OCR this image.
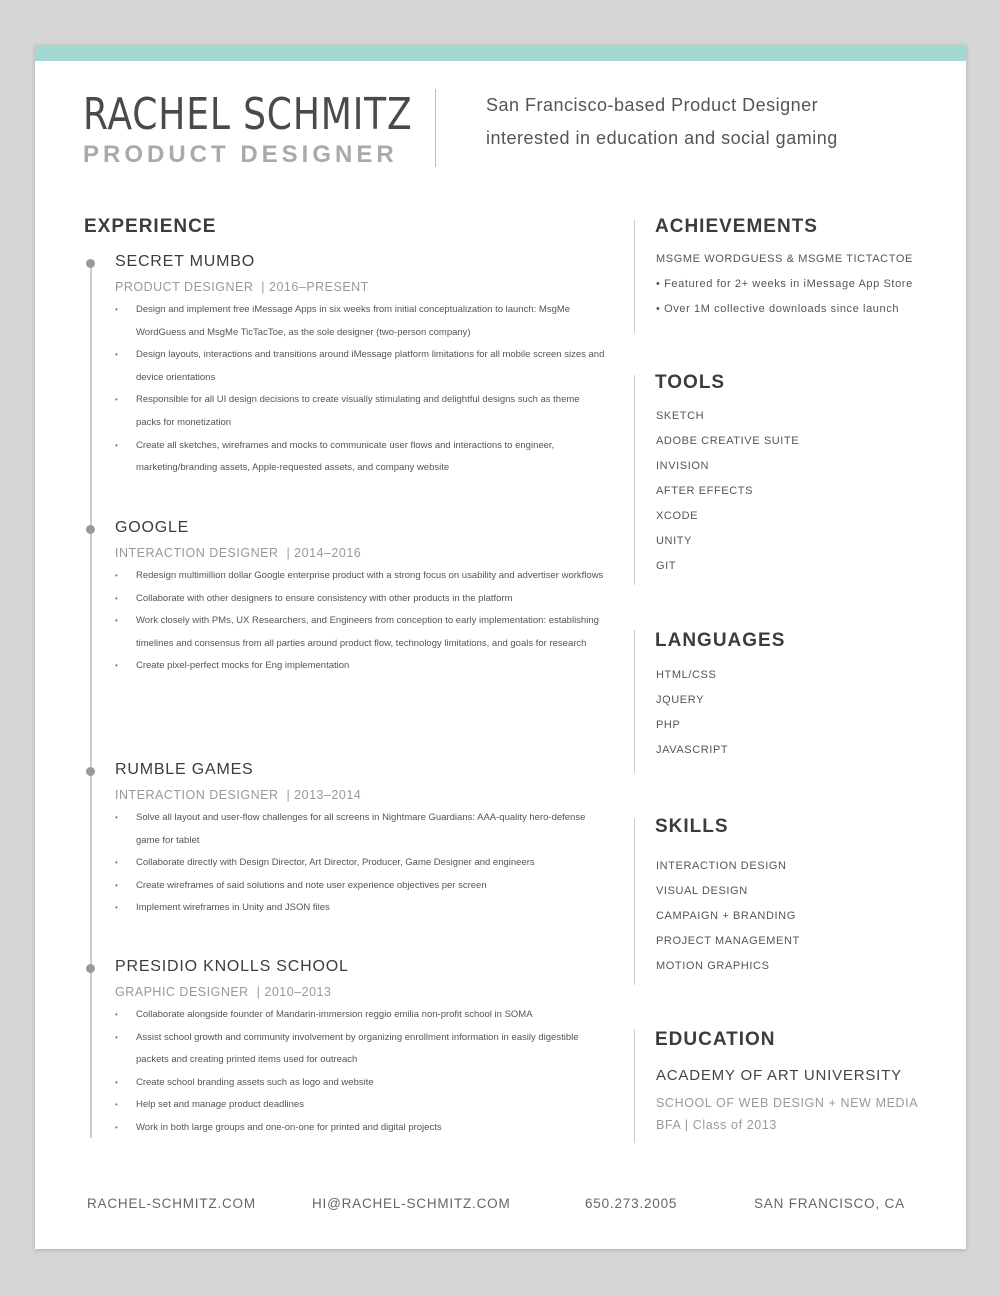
RACHEL SCHMITZ
PRODUCT DESIGNER
San Francisco-based Product Designer
interested in education and social gaming
EXPERIENCE
SECRET MUMBO
PRODUCT DESIGNER  | 2016–PRESENT
• Design and implement free iMessage Apps in six weeks from initial conceptualization to launch: MsgMe WordGuess and MsgMe TicTacToe, as the sole designer (two-person company)
• Design layouts, interactions and transitions around iMessage platform limitations for all mobile screen sizes and device orientations
• Responsible for all UI design decisions to create visually stimulating and delightful designs such as theme packs for monetization
• Create all sketches, wireframes and mocks to communicate user flows and interactions to engineer, marketing/branding assets, Apple-requested assets, and company website
GOOGLE
INTERACTION DESIGNER  | 2014–2016
• Redesign multimillion dollar Google enterprise product with a strong focus on usability and advertiser workflows
• Collaborate with other designers to ensure consistency with other products in the platform
• Work closely with PMs, UX Researchers, and Engineers from conception to early implementation: establishing timelines and consensus from all parties around product flow, technology limitations, and goals for research
• Create pixel-perfect mocks for Eng implementation
RUMBLE GAMES
INTERACTION DESIGNER  | 2013–2014
• Solve all layout and user-flow challenges for all screens in Nightmare Guardians: AAA-quality hero-defense game for tablet
• Collaborate directly with Design Director, Art Director, Producer, Game Designer and engineers
• Create wireframes of said solutions and note user experience objectives per screen
• Implement wireframes in Unity and JSON files
PRESIDIO KNOLLS SCHOOL
GRAPHIC DESIGNER  | 2010–2013
• Collaborate alongside founder of Mandarin-immersion reggio emilia non-profit school in SOMA
• Assist school growth and community involvement by organizing enrollment information in easily digestible packets and creating printed items used for outreach
• Create school branding assets such as logo and website
• Help set and manage product deadlines
• Work in both large groups and one-on-one for printed and digital projects
ACHIEVEMENTS
MSGME WORDGUESS & MSGME TICTACTOE
• Featured for 2+ weeks in iMessage App Store
• Over 1M collective downloads since launch
TOOLS
SKETCH
ADOBE CREATIVE SUITE
INVISION
AFTER EFFECTS
XCODE
UNITY
GIT
LANGUAGES
HTML/CSS
JQUERY
PHP
JAVASCRIPT
SKILLS
INTERACTION DESIGN
VISUAL DESIGN
CAMPAIGN + BRANDING
PROJECT MANAGEMENT
MOTION GRAPHICS
EDUCATION
ACADEMY OF ART UNIVERSITY
SCHOOL OF WEB DESIGN + NEW MEDIA
BFA | Class of 2013
RACHEL-SCHMITZ.COM	HI@RACHEL-SCHMITZ.COM	650.273.2005	SAN FRANCISCO, CA
